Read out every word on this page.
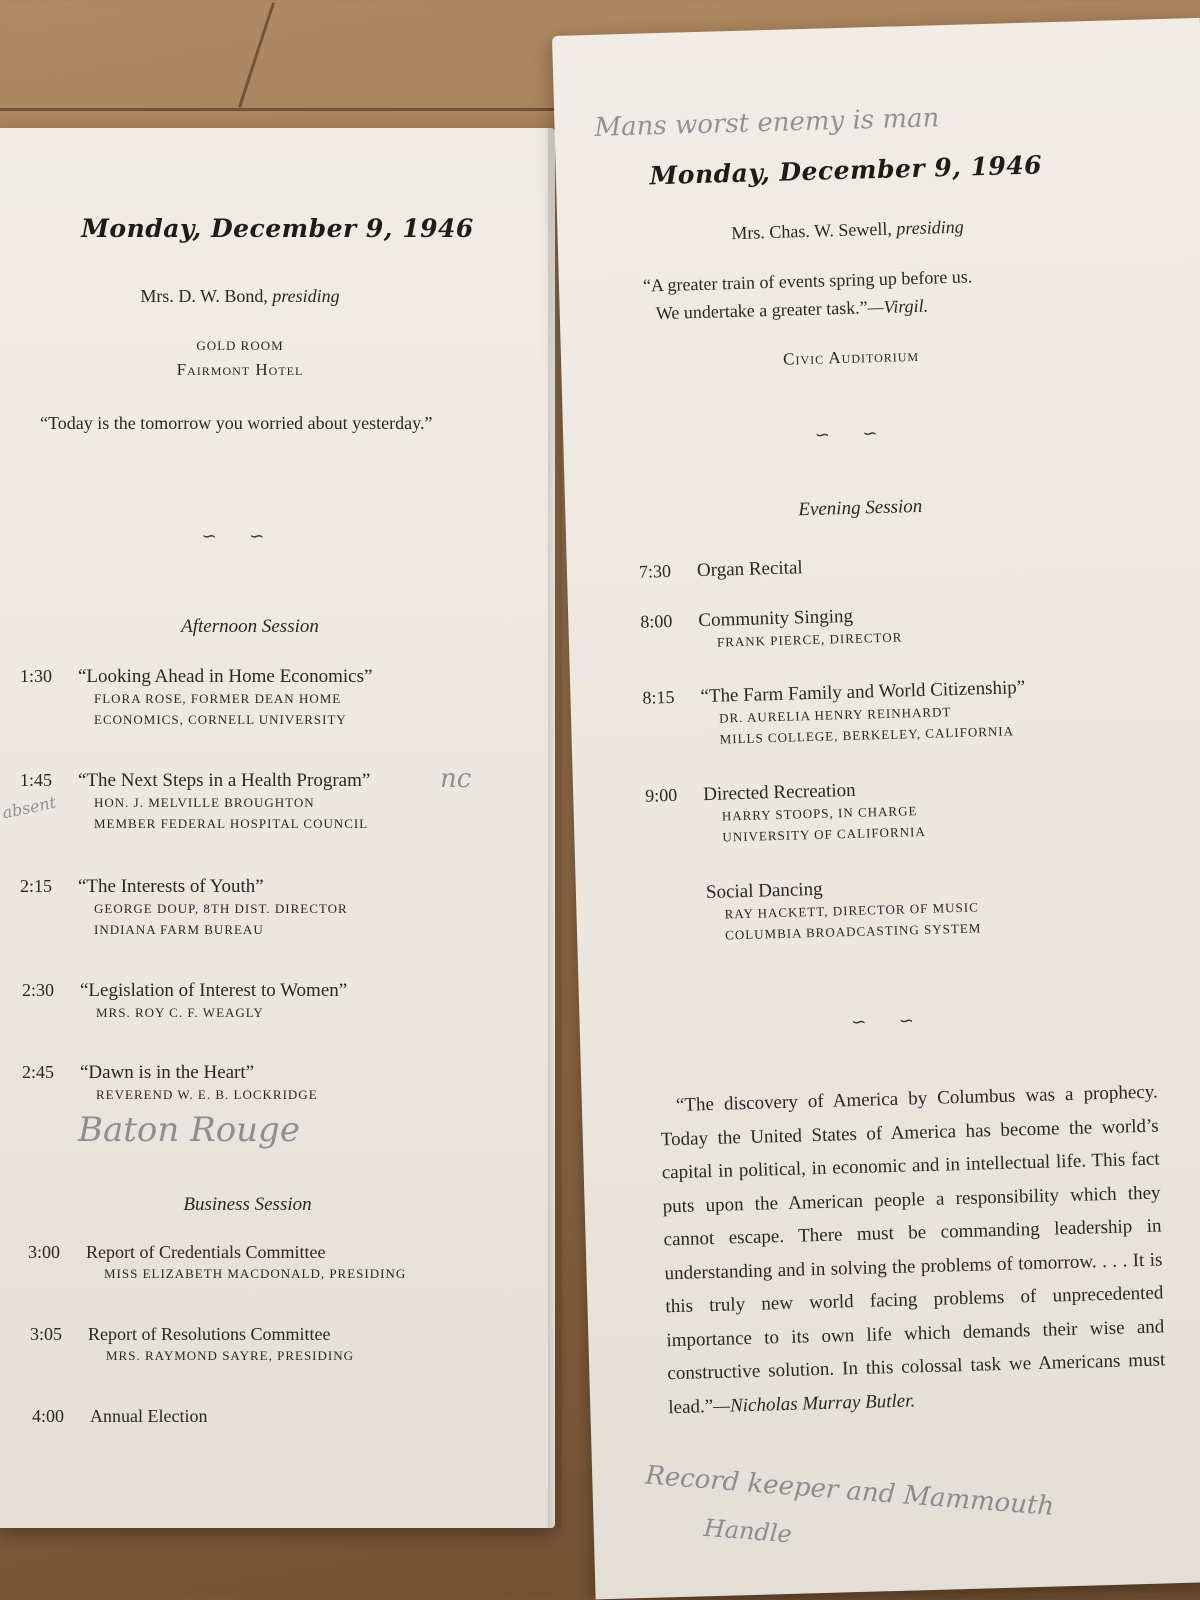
Monday, December 9, 1946
Mrs. D. W. Bond, presiding
GOLD ROOM
Fairmont Hotel
“Today is the tomorrow you worried about yesterday.”
∽ ∽
Afternoon Session
1:30	“Looking Ahead in Home Economics”
FLORA ROSE, FORMER DEAN HOME
ECONOMICS, CORNELL UNIVERSITY
1:45	“The Next Steps in a Health Program”
HON. J. MELVILLE BROUGHTON
MEMBER FEDERAL HOSPITAL COUNCIL
2:15	“The Interests of Youth”
GEORGE DOUP, 8TH DIST. DIRECTOR
INDIANA FARM BUREAU
2:30	“Legislation of Interest to Women”
MRS. ROY C. F. WEAGLY
2:45	“Dawn is in the Heart”
REVEREND W. E. B. LOCKRIDGE
Baton Rouge
nc
absent
Business Session
3:00	Report of Credentials Committee
MISS ELIZABETH MACDONALD, PRESIDING
3:05	Report of Resolutions Committee
MRS. RAYMOND SAYRE, PRESIDING
4:00	Annual Election
Mans worst enemy is man
Monday, December 9, 1946
Mrs. Chas. W. Sewell, presiding
“A greater train of events spring up before us.
We undertake a greater task.”—Virgil.
Civic Auditorium
∽ ∽
Evening Session
7:30	Organ Recital
8:00	Community Singing
FRANK PIERCE, DIRECTOR
8:15	“The Farm Family and World Citizenship”
DR. AURELIA HENRY REINHARDT
MILLS COLLEGE, BERKELEY, CALIFORNIA
9:00	Directed Recreation
HARRY STOOPS, IN CHARGE
UNIVERSITY OF CALIFORNIA
Social Dancing
RAY HACKETT, DIRECTOR OF MUSIC
COLUMBIA BROADCASTING SYSTEM
∽ ∽
“The discovery of America by Columbus was a prophecy. Today the United States of America has become the world’s capital in political, in economic and in intellectual life. This fact puts upon the American people a responsibility which they cannot escape. There must be commanding leadership in understanding and in solving the problems of tomorrow. . . . It is this truly new world facing problems of unprecedented importance to its own life which demands their wise and constructive solution. In this colossal task we Americans must lead.”—Nicholas Murray Butler.
Record keeper and Mammouth
Handle
